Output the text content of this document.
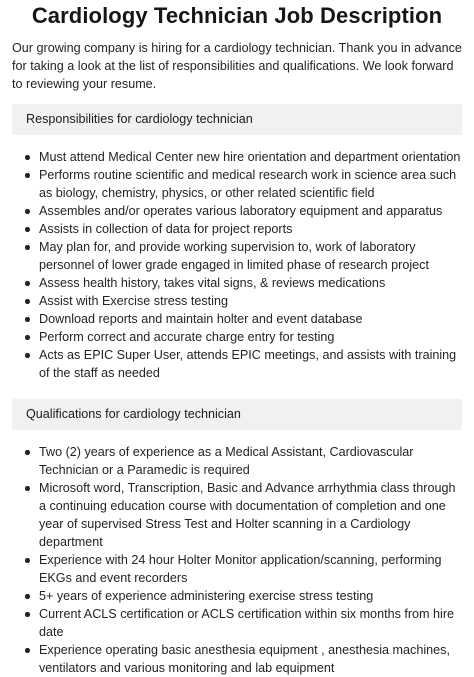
Cardiology Technician Job Description

Our growing company is hiring for a cardiology technician. Thank you in advance for taking a look at the list of responsibilities and qualifications. We look forward to reviewing your resume.

Responsibilities for cardiology technician
Must attend Medical Center new hire orientation and department orientation
Performs routine scientific and medical research work in science area such as biology, chemistry, physics, or other related scientific field
Assembles and/or operates various laboratory equipment and apparatus
Assists in collection of data for project reports
May plan for, and provide working supervision to, work of laboratory personnel of lower grade engaged in limited phase of research project
Assess health history, takes vital signs, & reviews medications
Assist with Exercise stress testing
Download reports and maintain holter and event database
Perform correct and accurate charge entry for testing
Acts as EPIC Super User, attends EPIC meetings, and assists with training of the staff as needed
Qualifications for cardiology technician
Two (2) years of experience as a Medical Assistant, Cardiovascular Technician or a Paramedic is required
Microsoft word, Transcription, Basic and Advance arrhythmia class through a continuing education course with documentation of completion and one year of supervised Stress Test and Holter scanning in a Cardiology department
Experience with 24 hour Holter Monitor application/scanning, performing EKGs and event recorders
5+ years of experience administering exercise stress testing
Current ACLS certification or ACLS certification within six months from hire date
Experience operating basic anesthesia equipment , anesthesia machines, ventilators and various monitoring and lab equipment
